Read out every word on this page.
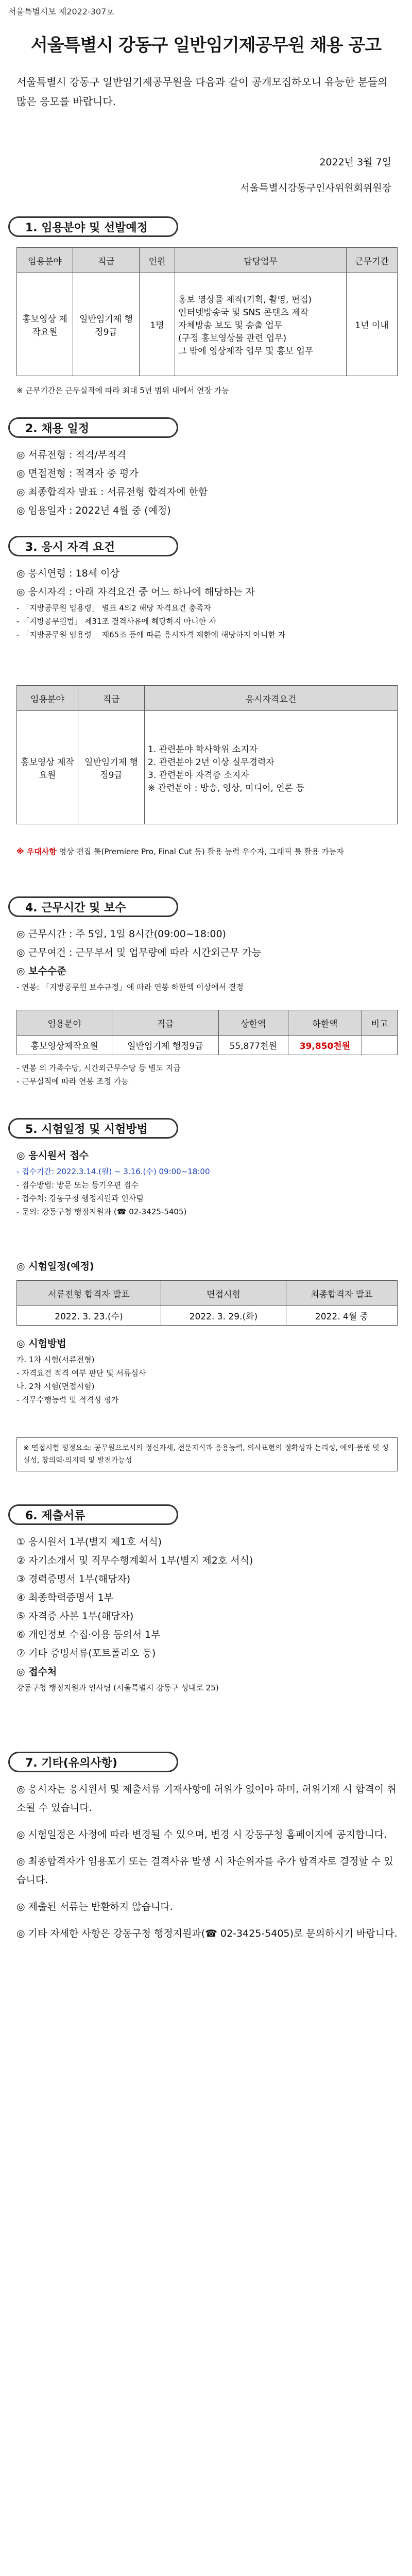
서울특별시보 제2022-307호
서울특별시 강동구 일반임기제공무원 채용 공고
서울특별시 강동구 일반임기제공무원을 다음과 같이 공개모집하오니 유능한 분들의 많은 응모를 바랍니다.
2022년 3월 7일
서울특별시강동구인사위원회위원장
1. 임용분야 및 선발예정
임용분야	직급	인원	담당업무	근무기간
홍보영상 제작요원	일반임기제 행정9급	1명	홍보 영상물 제작(기획, 촬영, 편집)
인터넷방송국 및 SNS 콘텐츠 제작
자체방송 보도 및 송출 업무
(구정 홍보영상물 관련 업무)
그 밖에 영상제작 업무 및 홍보 업무	1년 이내
※ 근무기간은 근무실적에 따라 최대 5년 범위 내에서 연장 가능
2. 채용 일정
◎ 서류전형 : 적격/부적격
◎ 면접전형 : 적격자 중 평가
◎ 최종합격자 발표 : 서류전형 합격자에 한함
◎ 임용일자 : 2022년 4월 중 (예정)
3. 응시 자격 요건
◎ 응시연령 : 18세 이상
◎ 응시자격 : 아래 자격요건 중 어느 하나에 해당하는 자
- 「지방공무원 임용령」 별표 4의2 해당 자격요건 충족자
- 「지방공무원법」 제31조 결격사유에 해당하지 아니한 자
- 「지방공무원 임용령」 제65조 등에 따른 응시자격 제한에 해당하지 아니한 자
임용분야	직급	응시자격요건
홍보영상 제작요원	일반임기제 행정9급	1. 관련분야 학사학위 소지자
2. 관련분야 2년 이상 실무경력자
3. 관련분야 자격증 소지자
※ 관련분야 : 방송, 영상, 미디어, 언론 등
※ 우대사항 영상 편집 툴(Premiere Pro, Final Cut 등) 활용 능력 우수자, 그래픽 툴 활용 가능자
4. 근무시간 및 보수
◎ 근무시간 : 주 5일, 1일 8시간(09:00~18:00)
◎ 근무여건 : 근무부서 및 업무량에 따라 시간외근무 가능
◎ 보수수준
- 연봉: 「지방공무원 보수규정」에 따라 연봉 하한액 이상에서 결정
임용분야	직급	상한액	하한액	비고
홍보영상제작요원	일반임기제 행정9급	55,877천원	39,850천원	
- 연봉 외 가족수당, 시간외근무수당 등 별도 지급
- 근무실적에 따라 연봉 조정 가능
5. 시험일정 및 시험방법
◎ 응시원서 접수
- 접수기간: 2022.3.14.(월) ~ 3.16.(수) 09:00~18:00
- 접수방법: 방문 또는 등기우편 접수
- 접수처: 강동구청 행정지원과 인사팀
- 문의: 강동구청 행정지원과 (☎ 02-3425-5405)
◎ 시험일정(예정)
서류전형 합격자 발표	면접시험	최종합격자 발표
2022. 3. 23.(수)	2022. 3. 29.(화)	2022. 4월 중
◎ 시험방법
가. 1차 시험(서류전형)
- 자격요건 적격 여부 판단 및 서류심사
나. 2차 시험(면접시험)
- 직무수행능력 및 적격성 평가
※ 면접시험 평정요소: 공무원으로서의 정신자세, 전문지식과 응용능력, 의사표현의 정확성과 논리성, 예의·품행 및 성실성, 창의력·의지력 및 발전가능성
6. 제출서류
① 응시원서 1부(별지 제1호 서식)
② 자기소개서 및 직무수행계획서 1부(별지 제2호 서식)
③ 경력증명서 1부(해당자)
④ 최종학력증명서 1부
⑤ 자격증 사본 1부(해당자)
⑥ 개인정보 수집·이용 동의서 1부
⑦ 기타 증빙서류(포트폴리오 등)
◎ 접수처
강동구청 행정지원과 인사팀 (서울특별시 강동구 성내로 25)
7. 기타(유의사항)
◎ 응시자는 응시원서 및 제출서류 기재사항에 허위가 없어야 하며, 허위기재 시 합격이 취소될 수 있습니다.
◎ 시험일정은 사정에 따라 변경될 수 있으며, 변경 시 강동구청 홈페이지에 공지합니다.
◎ 최종합격자가 임용포기 또는 결격사유 발생 시 차순위자를 추가 합격자로 결정할 수 있습니다.
◎ 제출된 서류는 반환하지 않습니다.
◎ 기타 자세한 사항은 강동구청 행정지원과(☎ 02-3425-5405)로 문의하시기 바랍니다.
